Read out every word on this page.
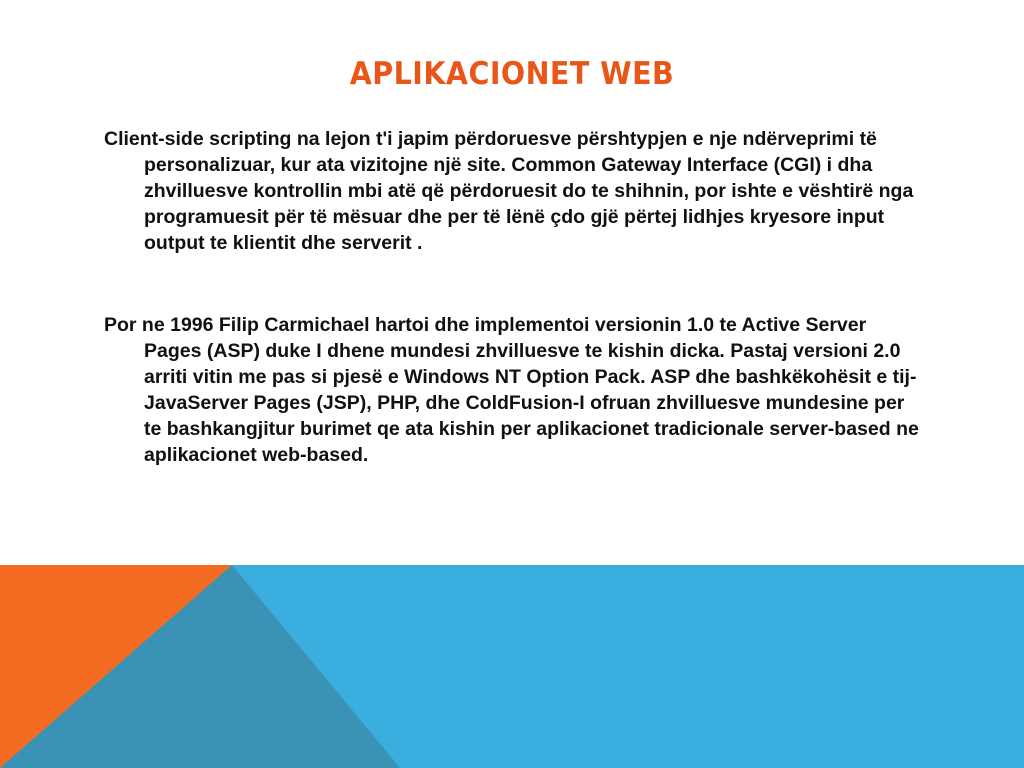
APLIKACIONET WEB

Client-side scripting na lejon t'i japim përdoruesve përshtypjen e nje ndërveprimi të personalizuar, kur ata vizitojne një site. Common Gateway Interface (CGI) i dha zhvilluesve kontrollin mbi atë që përdoruesit do te shihnin, por ishte e vështirë nga programuesit për të mësuar dhe per të lënë çdo gjë përtej lidhjes kryesore input output te klientit dhe serverit .

Por ne 1996 Filip Carmichael hartoi dhe implementoi versionin 1.0 te Active Server Pages (ASP) duke I dhene mundesi zhvilluesve te kishin dicka. Pastaj versioni 2.0 arriti vitin me pas si pjesë e Windows NT Option Pack. ASP dhe bashkëkohësit e tij-JavaServer Pages (JSP), PHP, dhe ColdFusion-I ofruan zhvilluesve mundesine per te bashkangjitur burimet qe ata kishin per aplikacionet tradicionale server-based ne aplikacionet web-based.
